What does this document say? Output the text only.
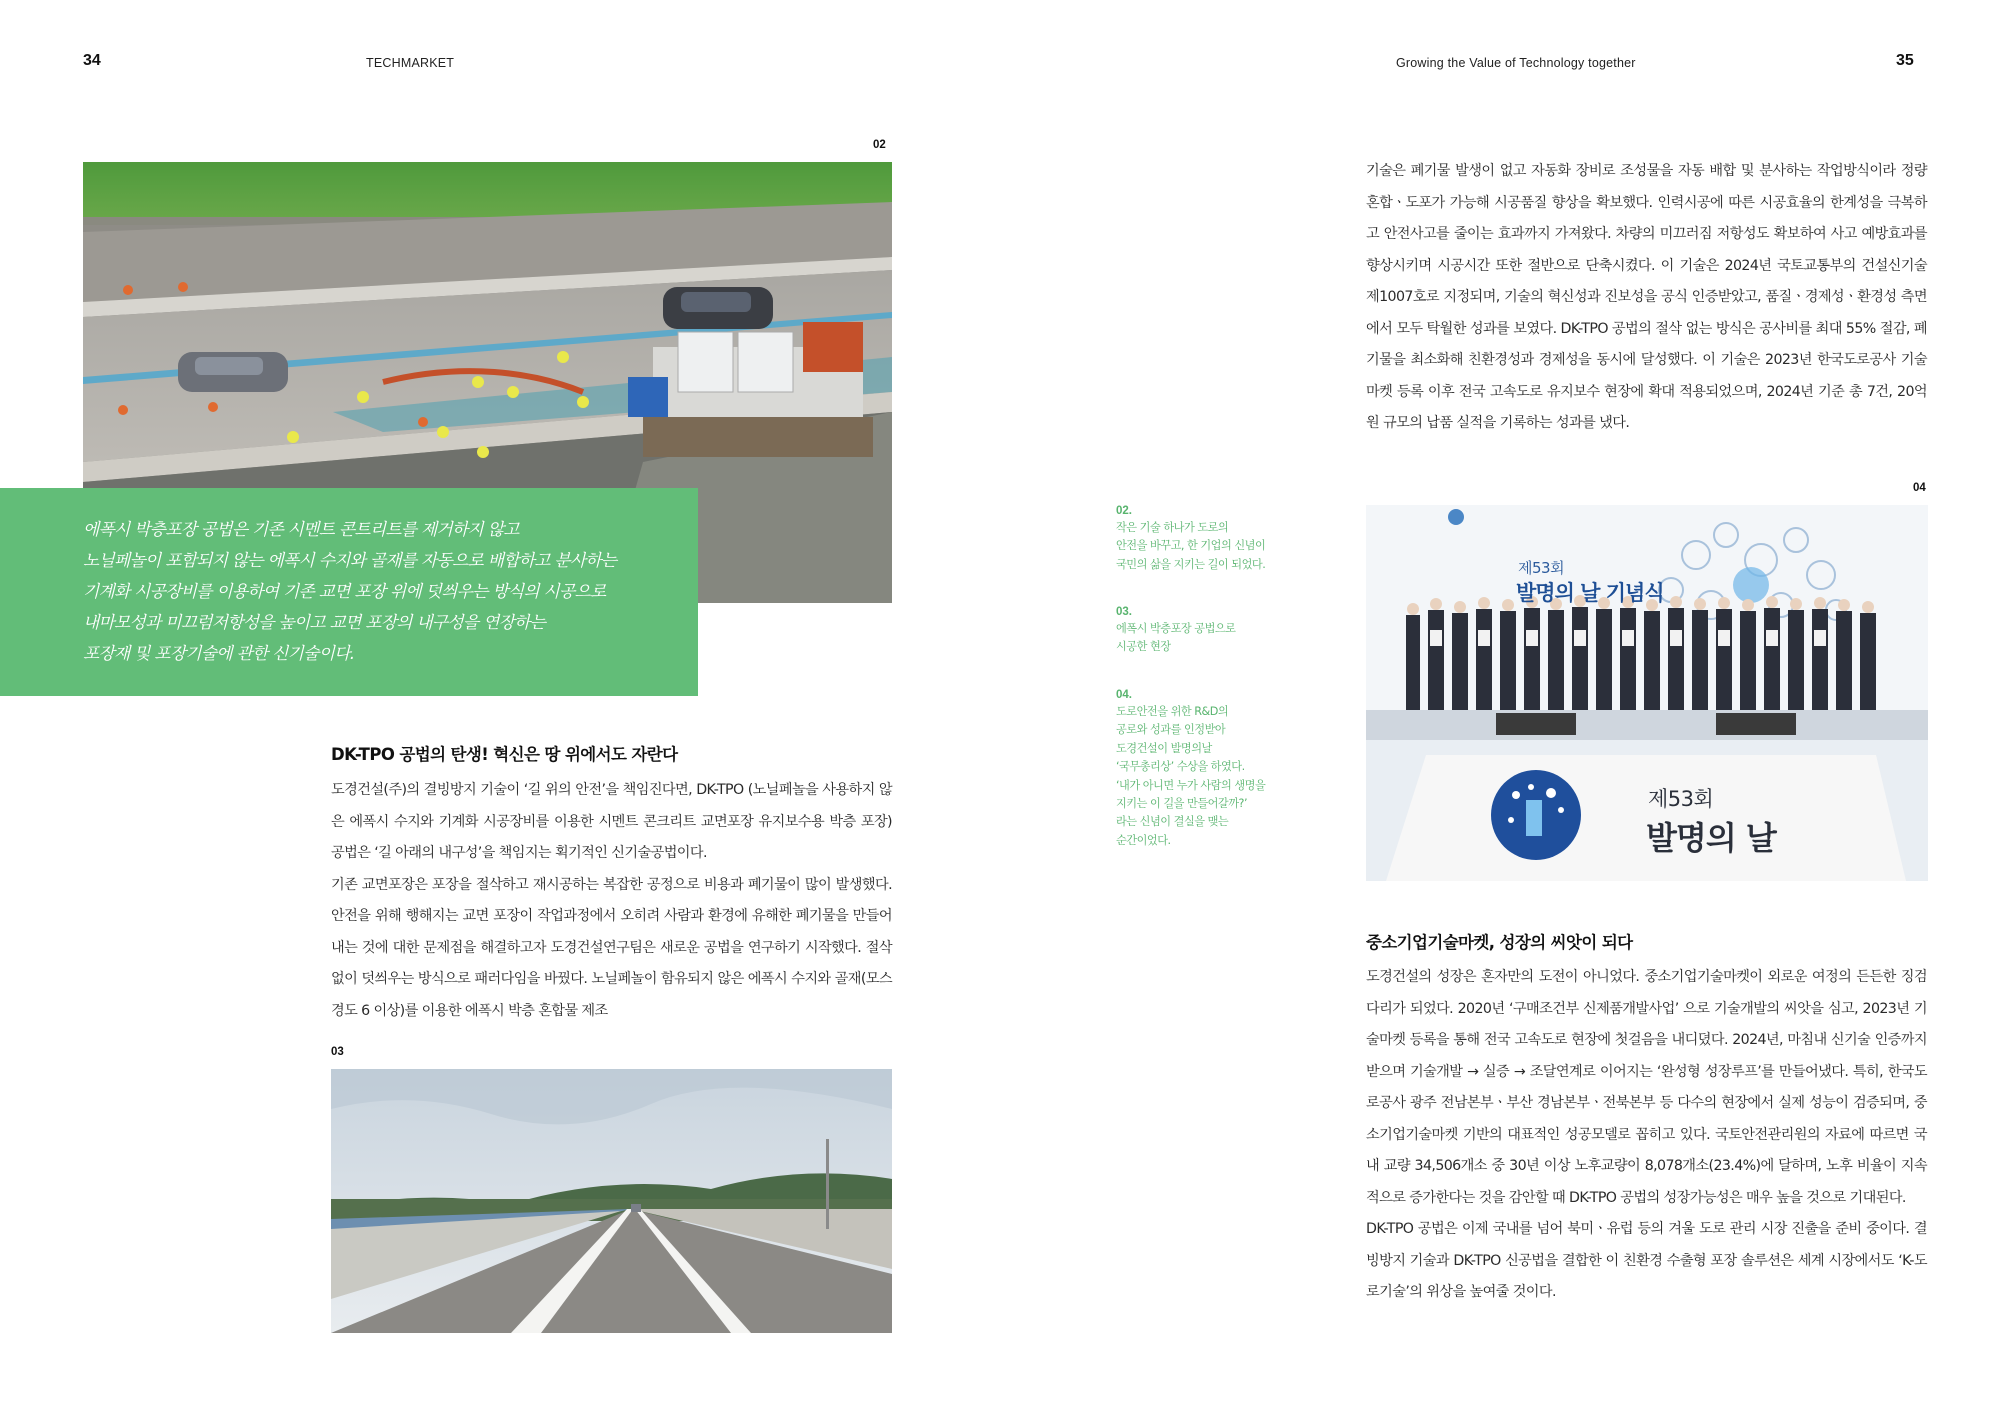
34	TECHMARKET	Growing the Value of Technology together	35
02
에폭시 박층포장 공법은 기존 시멘트 콘트리트를 제거하지 않고
노닐페놀이 포함되지 않는 에폭시 수지와 골재를 자동으로 배합하고 분사하는
기계화 시공장비를 이용하여 기존 교면 포장 위에 덧씌우는 방식의 시공으로
내마모성과 미끄럼저항성을 높이고 교면 포장의 내구성을 연장하는
포장재 및 포장기술에 관한 신기술이다.
DK-TPO 공법의 탄생! 혁신은 땅 위에서도 자란다

도경건설(주)의 결빙방지 기술이 ‘길 위의 안전’을 책임진다면, DK-TPO (노닐페놀을 사용하지 않은 에폭시 수지와 기계화 시공장비를 이용한 시멘트 콘크리트 교면포장 유지보수용 박층 포장) 공법은 ‘길 아래의 내구성’을 책임지는 획기적인 신기술공법이다.

기존 교면포장은 포장을 절삭하고 재시공하는 복잡한 공정으로 비용과 폐기물이 많이 발생했다. 안전을 위해 행해지는 교면 포장이 작업과정에서 오히려 사람과 환경에 유해한 폐기물을 만들어내는 것에 대한 문제점을 해결하고자 도경건설연구팀은 새로운 공법을 연구하기 시작했다. 절삭 없이 덧씌우는 방식으로 패러다임을 바꿨다. 노닐페놀이 함유되지 않은 에폭시 수지와 골재(모스경도 6 이상)를 이용한 에폭시 박층 혼합물 제조

03
02.
작은 기술 하나가 도로의
안전을 바꾸고, 한 기업의 신념이
국민의 삶을 지키는 길이 되었다.
03.
에폭시 박층포장 공법으로
시공한 현장
04.
도로안전을 위한 R&D의
공로와 성과를 인정받아
도경건설이 발명의날
‘국무총리상’ 수상을 하였다.
‘내가 아니면 누가 사람의 생명을
지키는 이 길을 만들어갈까?’
라는 신념이 결실을 맺는
순간이었다.

기술은 폐기물 발생이 없고 자동화 장비로 조성물을 자동 배합 및 분사하는 작업방식이라 정량 혼합ㆍ도포가 가능해 시공품질 향상을 확보했다. 인력시공에 따른 시공효율의 한계성을 극복하고 안전사고를 줄이는 효과까지 가져왔다. 차량의 미끄러짐 저항성도 확보하여 사고 예방효과를 향상시키며 시공시간 또한 절반으로 단축시켰다. 이 기술은 2024년 국토교통부의 건설신기술 제1007호로 지정되며, 기술의 혁신성과 진보성을 공식 인증받았고, 품질ㆍ경제성ㆍ환경성 측면에서 모두 탁월한 성과를 보였다. DK-TPO 공법의 절삭 없는 방식은 공사비를 최대 55% 절감, 폐기물을 최소화해 친환경성과 경제성을 동시에 달성했다. 이 기술은 2023년 한국도로공사 기술마켓 등록 이후 전국 고속도로 유지보수 현장에 확대 적용되었으며, 2024년 기준 총 7건, 20억 원 규모의 납품 실적을 기록하는 성과를 냈다.

04
제53회
발명의 날 기념식
제53회
발명의 날
중소기업기술마켓, 성장의 씨앗이 되다

도경건설의 성장은 혼자만의 도전이 아니었다. 중소기업기술마켓이 외로운 여정의 든든한 징검다리가 되었다. 2020년 ‘구매조건부 신제품개발사업’ 으로 기술개발의 씨앗을 심고, 2023년 기술마켓 등록을 통해 전국 고속도로 현장에 첫걸음을 내디뎠다. 2024년, 마침내 신기술 인증까지 받으며 기술개발 → 실증 → 조달연계로 이어지는 ‘완성형 성장루프’를 만들어냈다. 특히, 한국도로공사 광주 전남본부ㆍ부산 경남본부ㆍ전북본부 등 다수의 현장에서 실제 성능이 검증되며, 중소기업기술마켓 기반의 대표적인 성공모델로 꼽히고 있다. 국토안전관리원의 자료에 따르면 국내 교량 34,506개소 중 30년 이상 노후교량이 8,078개소(23.4%)에 달하며, 노후 비율이 지속적으로 증가한다는 것을 감안할 때 DK-TPO 공법의 성장가능성은 매우 높을 것으로 기대된다.

DK-TPO 공법은 이제 국내를 넘어 북미ㆍ유럽 등의 겨울 도로 관리 시장 진출을 준비 중이다. 결빙방지 기술과 DK-TPO 신공법을 결합한 이 친환경 수출형 포장 솔루션은 세계 시장에서도 ‘K-도로기술’의 위상을 높여줄 것이다.
